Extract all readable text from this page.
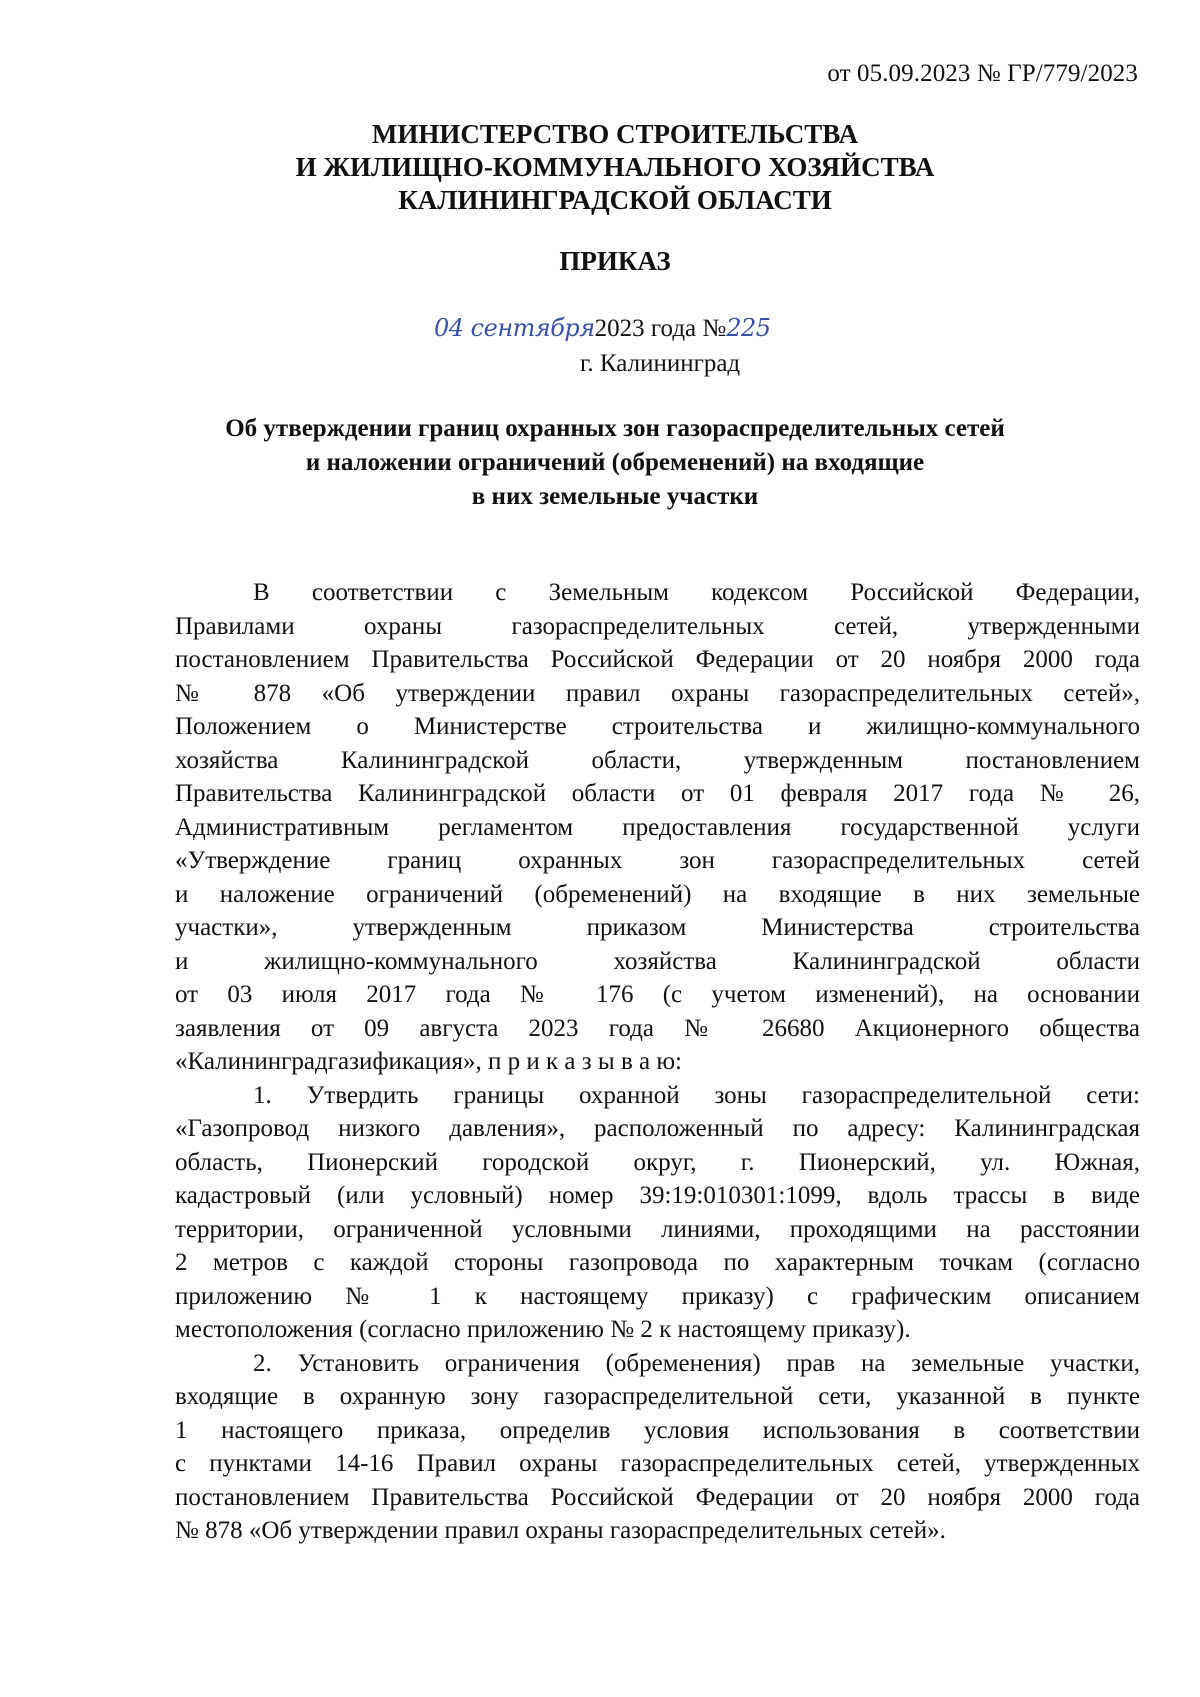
от 05.09.2023 № ГР/779/2023
МИНИСТЕРСТВО СТРОИТЕЛЬСТВА
И ЖИЛИЩНО-КОММУНАЛЬНОГО ХОЗЯЙСТВА
КАЛИНИНГРАДСКОЙ ОБЛАСТИ
ПРИКАЗ
04 сентября2023 года №225
г. Калининград
Об утверждении границ охранных зон газораспределительных сетей
и наложении ограничений (обременений) на входящие
в них земельные участки
В соответствии с Земельным кодексом Российской Федерации,
Правилами охраны газораспределительных сетей, утвержденными
постановлением Правительства Российской Федерации от 20 ноября 2000 года
№ 878 «Об утверждении правил охраны газораспределительных сетей»,
Положением о Министерстве строительства и жилищно-коммунального
хозяйства Калининградской области, утвержденным постановлением
Правительства Калининградской области от 01 февраля 2017 года № 26,
Административным регламентом предоставления государственной услуги
«Утверждение границ охранных зон газораспределительных сетей
и наложение ограничений (обременений) на входящие в них земельные
участки», утвержденным приказом Министерства строительства
и жилищно-коммунального хозяйства Калининградской области
от 03 июля 2017 года № 176 (с учетом изменений), на основании
заявления от 09 августа 2023 года № 26680 Акционерного общества
«Калининградгазификация», п р и к а з ы в а ю:
1. Утвердить границы охранной зоны газораспределительной сети:
«Газопровод низкого давления», расположенный по адресу: Калининградская
область, Пионерский городской округ, г. Пионерский, ул. Южная,
кадастровый (или условный) номер 39:19:010301:1099, вдоль трассы в виде
территории, ограниченной условными линиями, проходящими на расстоянии
2 метров с каждой стороны газопровода по характерным точкам (согласно
приложению № 1 к настоящему приказу) с графическим описанием
местоположения (согласно приложению № 2 к настоящему приказу).
2. Установить ограничения (обременения) прав на земельные участки,
входящие в охранную зону газораспределительной сети, указанной в пункте
1 настоящего приказа, определив условия использования в соответствии
с пунктами 14-16 Правил охраны газораспределительных сетей, утвержденных
постановлением Правительства Российской Федерации от 20 ноября 2000 года
№ 878 «Об утверждении правил охраны газораспределительных сетей».
